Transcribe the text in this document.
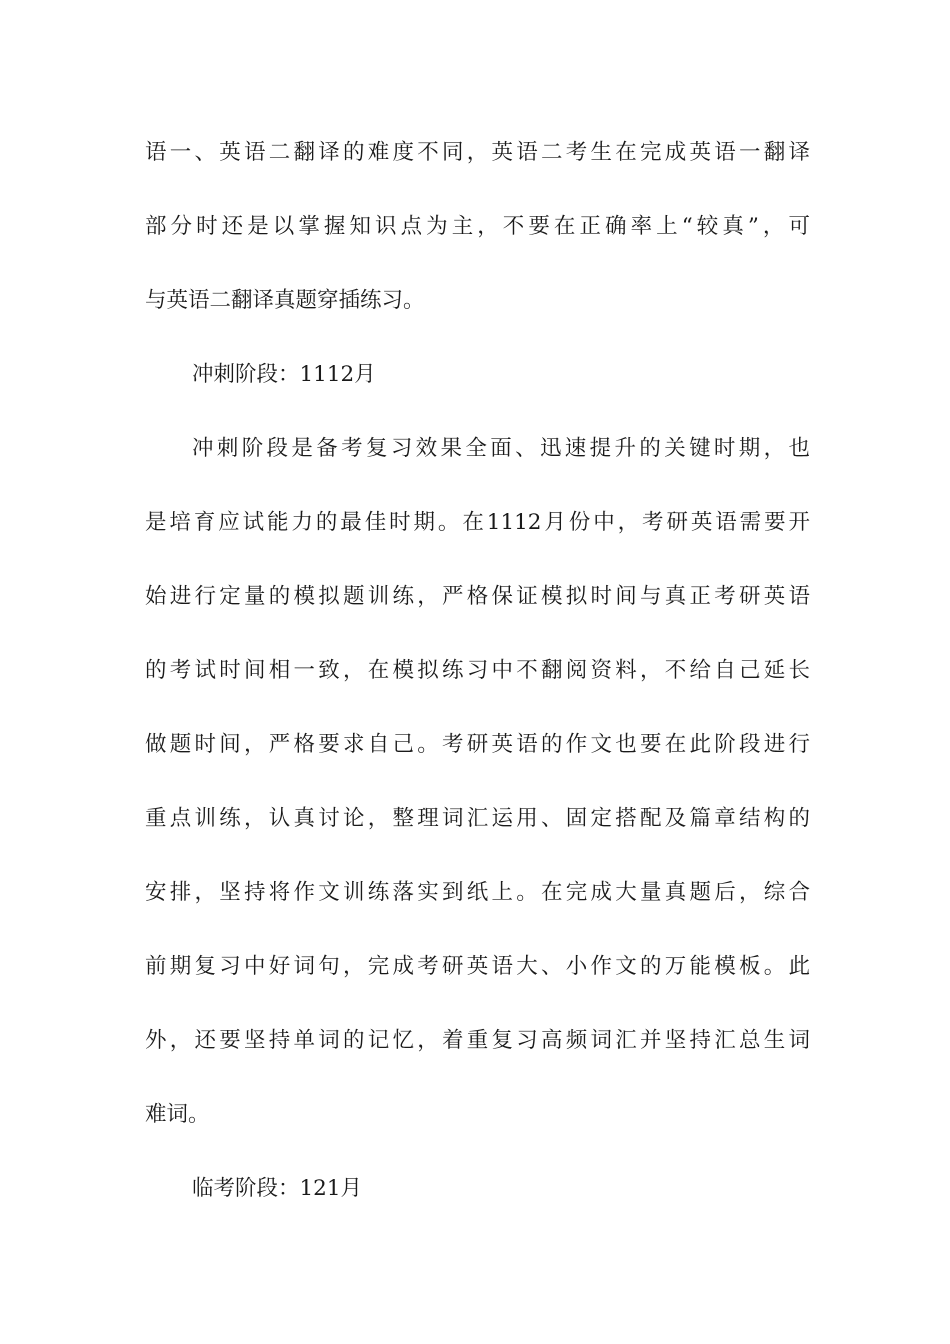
语一、英语二翻译的难度不同，英语二考生在完成英语一翻译
部分时还是以掌握知识点为主，不要在正确率上“较真”，可
与英语二翻译真题穿插练习。
冲刺阶段：1112月
冲刺阶段是备考复习效果全面、迅速提升的关键时期，也
是培育应试能力的最佳时期。在1112月份中，考研英语需要开
始进行定量的模拟题训练，严格保证模拟时间与真正考研英语
的考试时间相一致，在模拟练习中不翻阅资料，不给自己延长
做题时间，严格要求自己。考研英语的作文也要在此阶段进行
重点训练，认真讨论，整理词汇运用、固定搭配及篇章结构的
安排，坚持将作文训练落实到纸上。在完成大量真题后，综合
前期复习中好词句，完成考研英语大、小作文的万能模板。此
外，还要坚持单词的记忆，着重复习高频词汇并坚持汇总生词
难词。
临考阶段：121月
